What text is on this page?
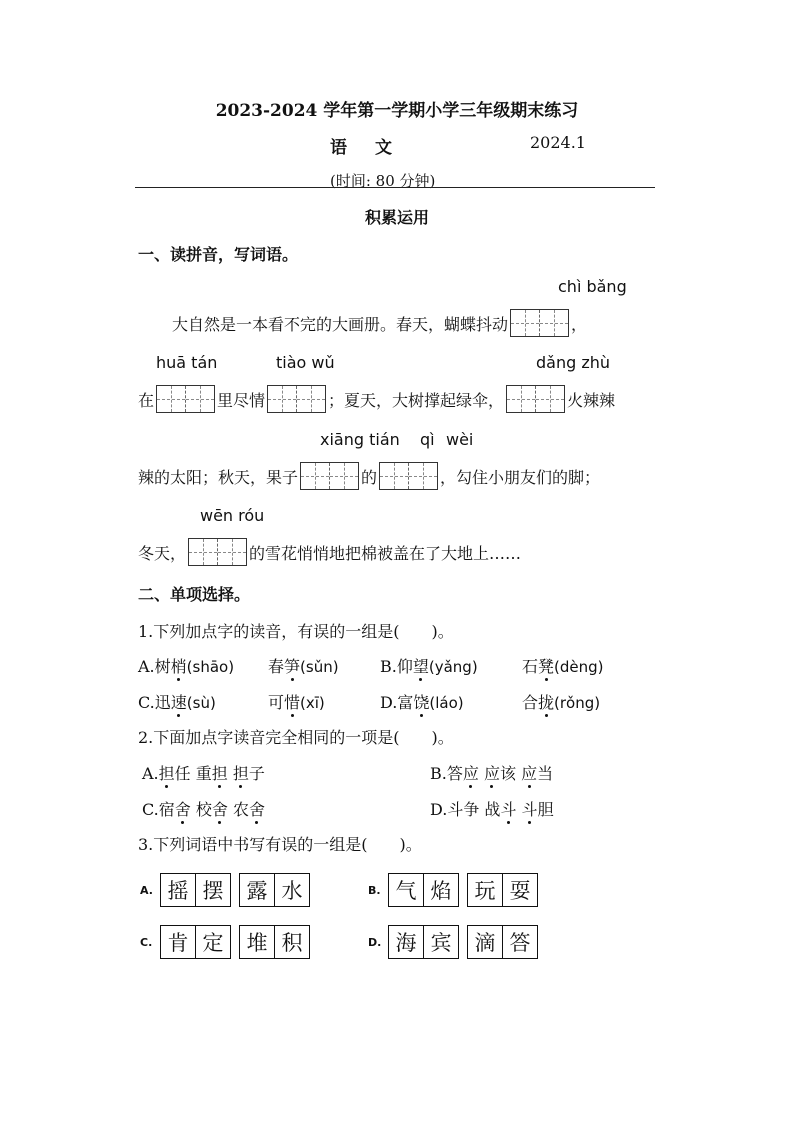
2023-2024 学年第一学期小学三年级期末练习
语文	2024.1
(时间: 80 分钟)
积累运用
一、读拼音，写词语。
chì bǎng
大自然是一本看不完的大画册。春天，蝴蝶抖动	，
huā tán	tiào wǔ	dǎng zhù
在	里尽情	；夏天，大树撑起绿伞，	火辣辣
xiāng tián qì wèi
辣的太阳；秋天，果子	的	，勾住小朋友们的脚；
wēn róu
冬天，	的雪花悄悄地把棉被盖在了大地上……
二、单项选择。
1.下列加点字的读音，有误的一组是(　　)。
A.树梢(shāo) 春笋(sǔn)	B.仰望(yǎng)	石凳(dèng)
C.迅速(sù)	可惜(xī)	D.富饶(láo)	合拢(rǒng)
2.下面加点字读音完全相同的一项是(　　)。
A.担任 重担 担子	B.答应 应该 应当
C.宿舍 校舍 农舍	D.斗争 战斗 斗胆
3.下列词语中书写有误的一组是(　　)。
A. 摇 摆	露 水	B. 气 焰	玩 耍
C. 肯 定	堆 积	D. 海 宾	滴 答
